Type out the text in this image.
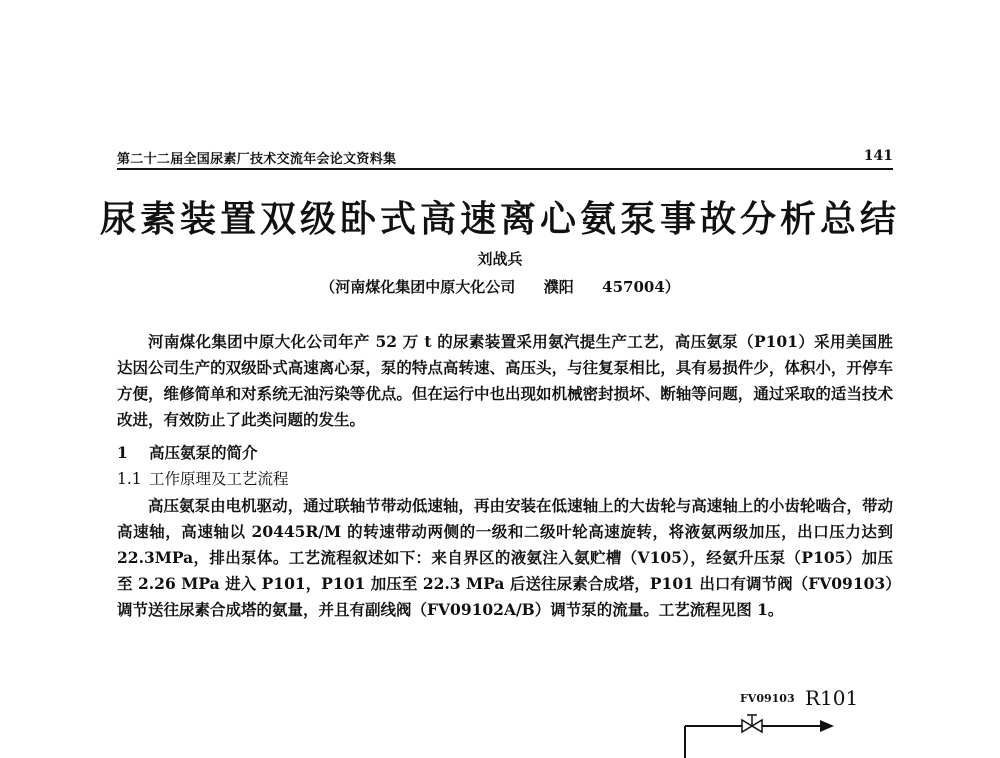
第二十二届全国尿素厂技术交流年会论文资料集	141
尿素装置双级卧式高速离心氨泵事故分析总结
刘战兵
（河南煤化集团中原大化公司 濮阳 457004）
河南煤化集团中原大化公司年产 52 万 t 的尿素装置采用氨汽提生产工艺，高压氨泵（P101）采用美国胜达因公司生产的双级卧式高速离心泵，泵的特点高转速、高压头，与往复泵相比，具有易损件少，体积小，开停车方便，维修简单和对系统无油污染等优点。但在运行中也出现如机械密封损坏、断轴等问题，通过采取的适当技术改进，有效防止了此类问题的发生。
1 高压氨泵的简介
1.1 工作原理及工艺流程
高压氨泵由电机驱动，通过联轴节带动低速轴，再由安装在低速轴上的大齿轮与高速轴上的小齿轮啮合，带动高速轴，高速轴以 20445R/M 的转速带动两侧的一级和二级叶轮高速旋转，将液氨两级加压，出口压力达到 22.3MPa，排出泵体。工艺流程叙述如下：来自界区的液氨注入氨贮槽（V105），经氨升压泵（P105）加压至 2.26 MPa 进入 P101，P101 加压至 22.3 MPa 后送往尿素合成塔，P101 出口有调节阀（FV09103）调节送往尿素合成塔的氨量，并且有副线阀（FV09102A/B）调节泵的流量。工艺流程见图 1。
FV09103 R101
